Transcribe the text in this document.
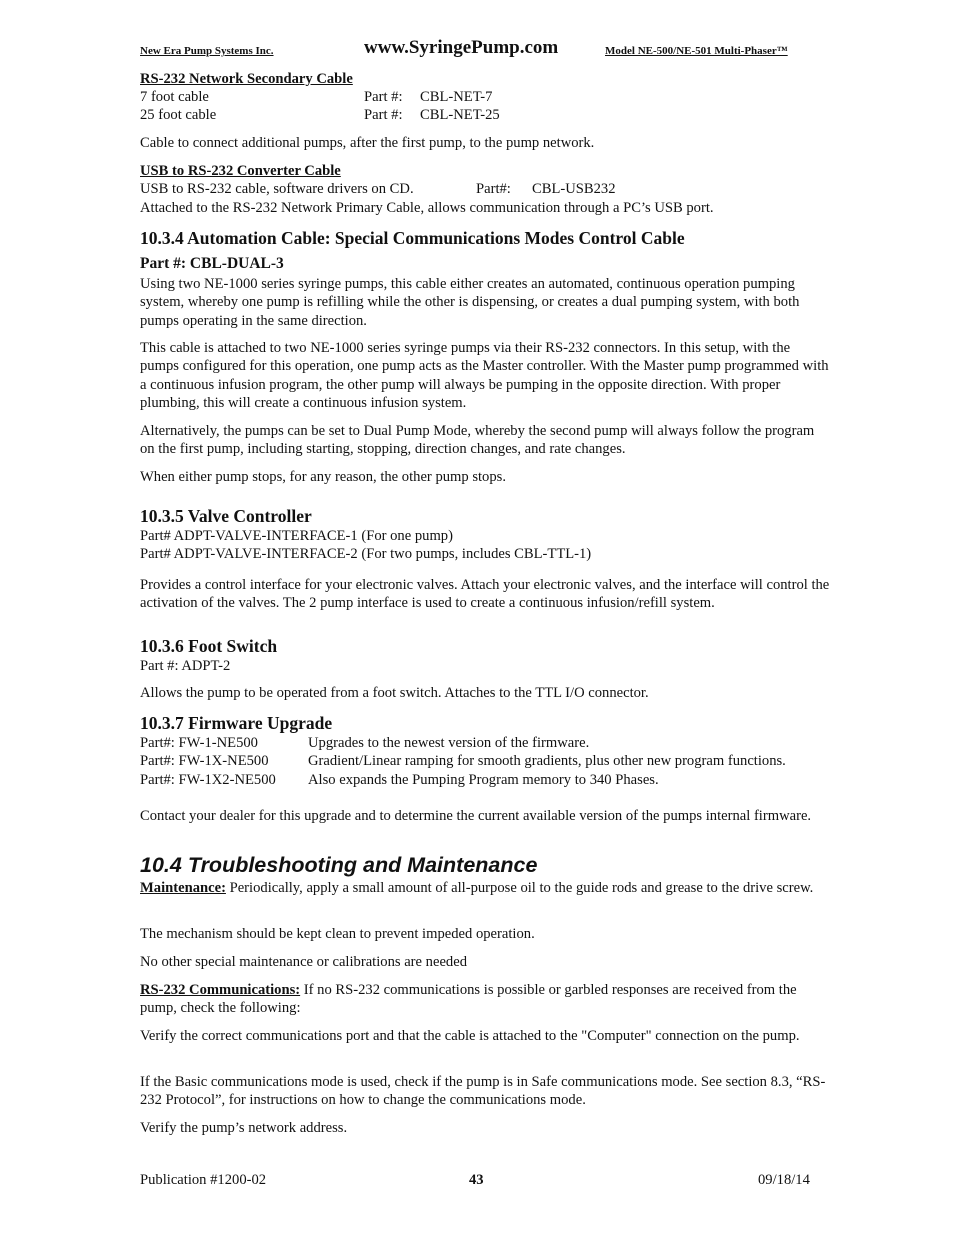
New Era Pump Systems Inc.	www.SyringePump.com	Model NE-500/NE-501 Multi-Phaser™
RS-232 Network Secondary Cable
7 foot cable	Part #: CBL-NET-7
25 foot cable	Part #: CBL-NET-25
Cable to connect additional pumps, after the first pump, to the pump network.
USB to RS-232 Converter Cable
USB to RS-232 cable, software drivers on CD.	Part#: CBL-USB232
Attached to the RS-232 Network Primary Cable, allows communication through a PC’s USB port.
10.3.4 Automation Cable: Special Communications Modes Control Cable
Part #: CBL-DUAL-3
Using two NE-1000 series syringe pumps, this cable either creates an automated, continuous operation pumping system, whereby one pump is refilling while the other is dispensing, or creates a dual pumping system, with both pumps operating in the same direction.
This cable is attached to two NE-1000 series syringe pumps via their RS-232 connectors. In this setup, with the pumps configured for this operation, one pump acts as the Master controller. With the Master pump programmed with a continuous infusion program, the other pump will always be pumping in the opposite direction. With proper plumbing, this will create a continuous infusion system.
Alternatively, the pumps can be set to Dual Pump Mode, whereby the second pump will always follow the program on the first pump, including starting, stopping, direction changes, and rate changes.
When either pump stops, for any reason, the other pump stops.
10.3.5 Valve Controller
Part# ADPT-VALVE-INTERFACE-1 (For one pump)
Part# ADPT-VALVE-INTERFACE-2 (For two pumps, includes CBL-TTL-1)
Provides a control interface for your electronic valves. Attach your electronic valves, and the interface will control the activation of the valves. The 2 pump interface is used to create a continuous infusion/refill system.
10.3.6 Foot Switch
Part #: ADPT-2
Allows the pump to be operated from a foot switch. Attaches to the TTL I/O connector.
10.3.7 Firmware Upgrade
Part#: FW-1-NE500	Upgrades to the newest version of the firmware.
Part#: FW-1X-NE500	Gradient/Linear ramping for smooth gradients, plus other new program functions.
Part#: FW-1X2-NE500 Also expands the Pumping Program memory to 340 Phases.
Contact your dealer for this upgrade and to determine the current available version of the pumps internal firmware.
10.4 Troubleshooting and Maintenance
Maintenance: Periodically, apply a small amount of all-purpose oil to the guide rods and grease to the drive screw.
The mechanism should be kept clean to prevent impeded operation.
No other special maintenance or calibrations are needed
RS-232 Communications: If no RS-232 communications is possible or garbled responses are received from the pump, check the following:
Verify the correct communications port and that the cable is attached to the "Computer" connection on the pump.
If the Basic communications mode is used, check if the pump is in Safe communications mode. See section 8.3, “RS-232 Protocol”, for instructions on how to change the communications mode.
Verify the pump’s network address.
Publication #1200-02	43	09/18/14
